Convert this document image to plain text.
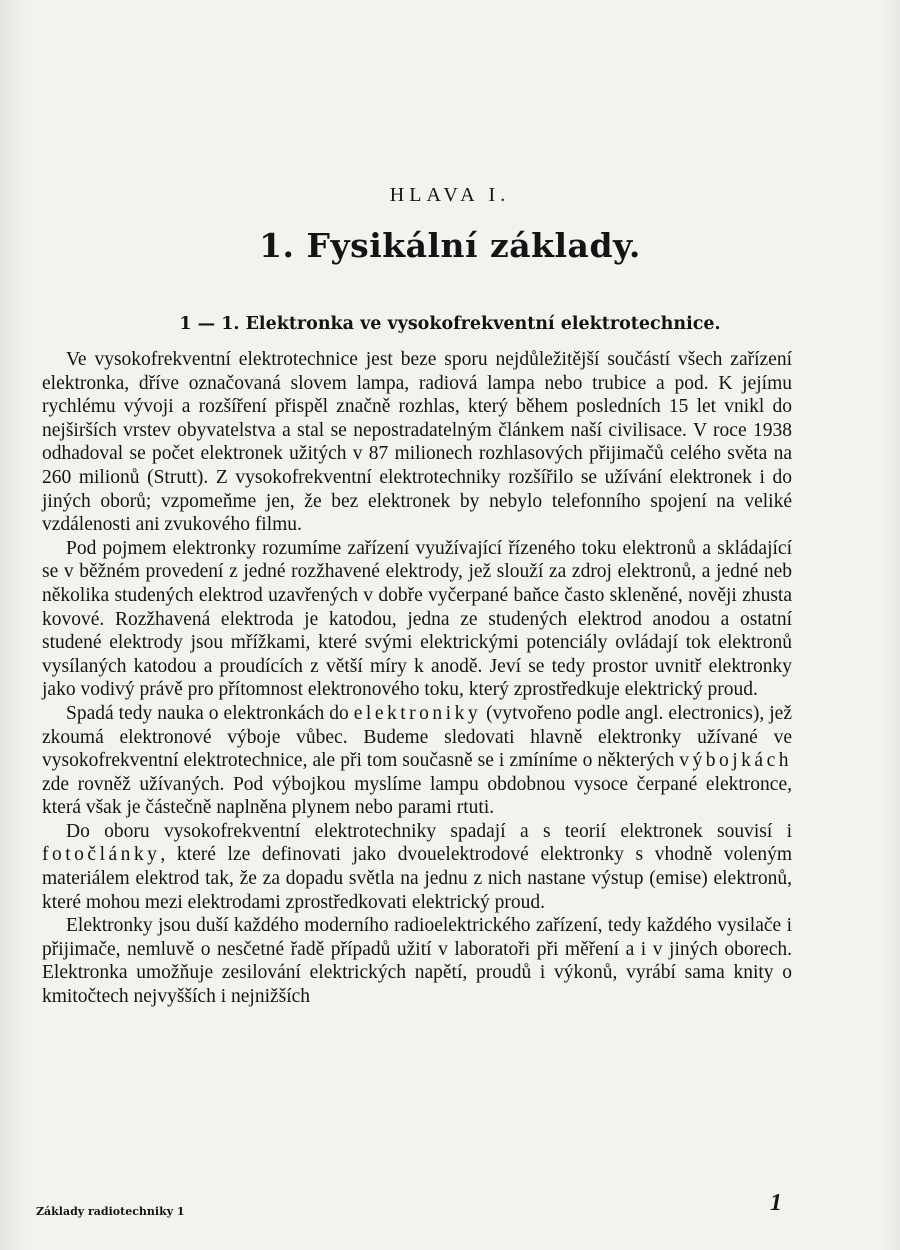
HLAVA I.
1. Fysikální základy.
1 — 1. Elektronka ve vysokofrekventní elektrotechnice.

Ve vysokofrekventní elektrotechnice jest beze sporu nejdůležitější součástí všech zařízení elektronka, dříve označovaná slovem lampa, radiová lampa nebo trubice a pod. K jejímu rychlému vývoji a rozšíření přispěl značně rozhlas, který během posledních 15 let vnikl do nejširších vrstev obyvatelstva a stal se nepostradatelným článkem naší civilisace. V roce 1938 odhadoval se počet elektronek užitých v 87 milionech rozhlasových přijimačů celého světa na 260 milionů (Strutt). Z vysokofrekventní elektrotechniky rozšířilo se užívání elektronek i do jiných oborů; vzpomeňme jen, že bez elektronek by nebylo telefonního spojení na veliké vzdálenosti ani zvukového filmu.

Pod pojmem elektronky rozumíme zařízení využívající řízeného toku elektronů a skládající se v běžném provedení z jedné rozžhavené elektrody, jež slouží za zdroj elektronů, a jedné neb několika studených elektrod uzavřených v dobře vyčerpané baňce často skleněné, nověji zhusta kovové. Rozžhavená elektroda je katodou, jedna ze studených elektrod anodou a ostatní studené elektrody jsou mřížkami, které svými elektrickými potenciály ovládají tok elektronů vysílaných katodou a proudících z větší míry k anodě. Jeví se tedy prostor uvnitř elektronky jako vodivý právě pro přítomnost elektronového toku, který zprostředkuje elektrický proud.

Spadá tedy nauka o elektronkách do elektroniky (vytvořeno podle angl. electronics), jež zkoumá elektronové výboje vůbec. Budeme sledovati hlavně elektronky užívané ve vysokofrekventní elektrotechnice, ale při tom současně se i zmíníme o některých výbojkách zde rovněž užívaných. Pod výbojkou myslíme lampu obdobnou vysoce čerpané elektronce, která však je částečně naplněna plynem nebo parami rtuti.

Do oboru vysokofrekventní elektrotechniky spadají a s teorií elektronek souvisí i fotočlánky, které lze definovati jako dvouelektrodové elektronky s vhodně voleným materiálem elektrod tak, že za dopadu světla na jednu z nich nastane výstup (emise) elektronů, které mohou mezi elektrodami zprostředkovati elektrický proud.

Elektronky jsou duší každého moderního radioelektrického zařízení, tedy každého vysilače i přijimače, nemluvě o nesčetné řadě případů užití v laboratoři při měření a i v jiných oborech. Elektronka umožňuje zesilování elektrických napětí, proudů i výkonů, vyrábí sama knity o kmitočtech nejvyšších i nejnižších

Základy radiotechniky 1	1
